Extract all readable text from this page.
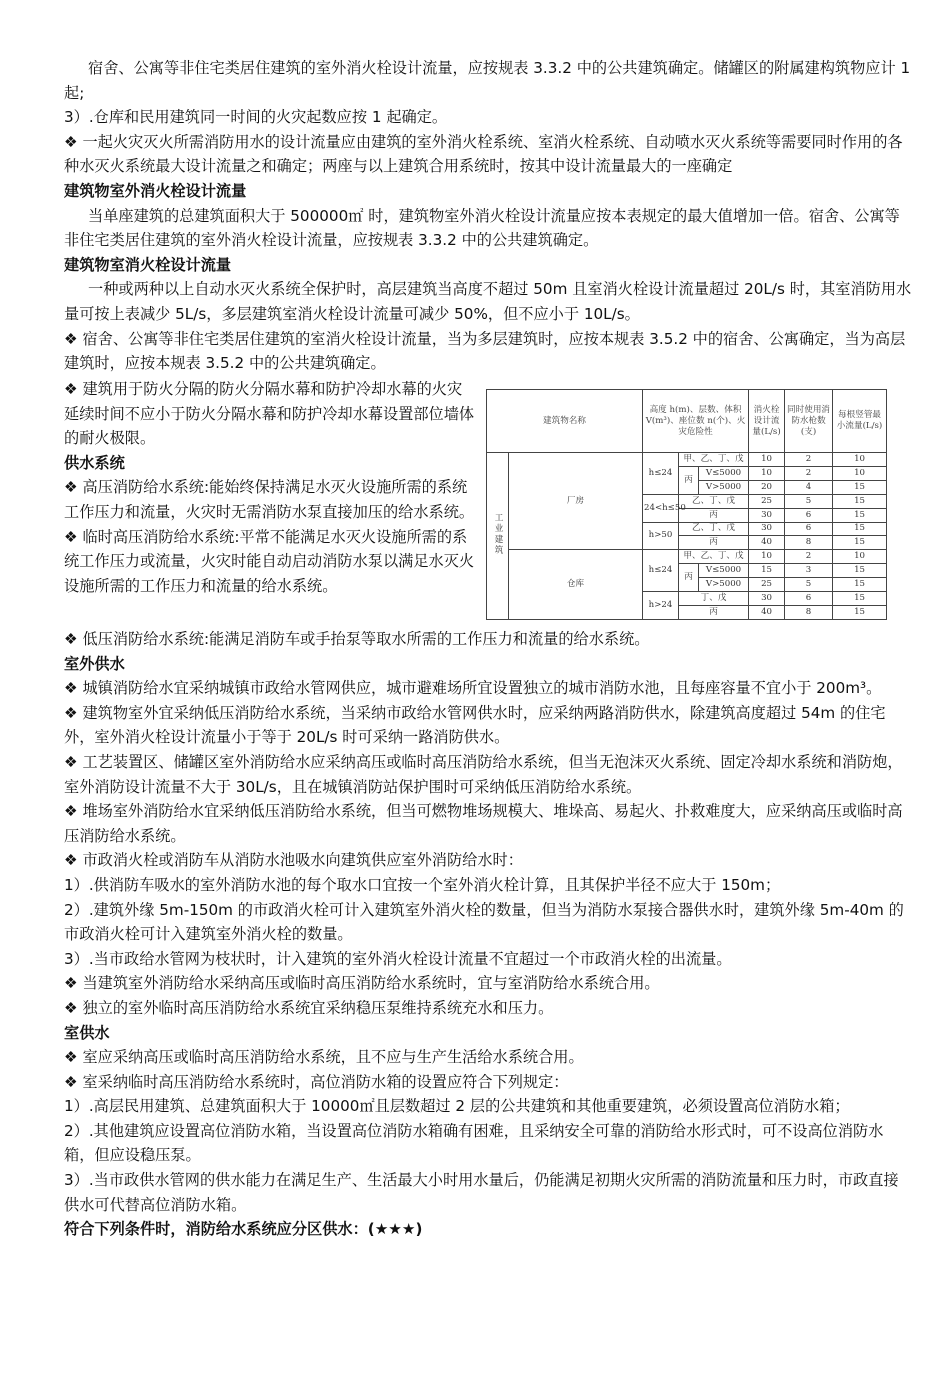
宿舍、公寓等非住宅类居住建筑的室外消火栓设计流量，应按规表 3.3.2 中的公共建筑确定。储罐区的附属建构筑物应计 1 起;

3）.仓库和民用建筑同一时间的火灾起数应按 1 起确定。

❖ 一起火灾灭火所需消防用水的设计流量应由建筑的室外消火栓系统、室消火栓系统、自动喷水灭火系统等需要同时作用的各种水灭火系统最大设计流量之和确定；两座与以上建筑合用系统时，按其中设计流量最大的一座确定

建筑物室外消火栓设计流量

当单座建筑的总建筑面积大于 500000㎡ 时，建筑物室外消火栓设计流量应按本表规定的最大值增加一倍。宿舍、公寓等非住宅类居住建筑的室外消火栓设计流量，应按规表 3.3.2 中的公共建筑确定。

建筑物室消火栓设计流量

一种或两种以上自动水灭火系统全保护时，高层建筑当高度不超过 50m 且室消火栓设计流量超过 20L/s 时，其室消防用水量可按上表减少 5L/s，多层建筑室消火栓设计流量可减少 50%，但不应小于 10L/s。

❖ 宿舍、公寓等非住宅类居住建筑的室消火栓设计流量，当为多层建筑时，应按本规表 3.5.2 中的宿舍、公寓确定，当为高层建筑时，应按本规表 3.5.2 中的公共建筑确定。

❖ 建筑用于防火分隔的防火分隔水幕和防护冷却水幕的火灾延续时间不应小于防火分隔水幕和防护冷却水幕设置部位墙体的耐火极限。

供水系统

❖ 高压消防给水系统:能始终保持满足水灭火设施所需的系统工作压力和流量，火灾时无需消防水泵直接加压的给水系统。

❖ 临时高压消防给水系统:平常不能满足水灭火设施所需的系统工作压力或流量，火灾时能自动启动消防水泵以满足水灭火设施所需的工作压力和流量的给水系统。

建筑物名称		高度 h(m)、层数、体积 V(m³)、座位数 n(个)、火灾危险性			消火栓设计流量(L/s)	同时使用消防水枪数(支)	每根竖管最小流量(L/s)
工业建筑	厂房	h≤24	甲、乙、丁、戊		10	2	10
			丙	V≤5000	10	2	10
				V>5000	20	4	15
		24<h≤50	乙、丁、戊		25	5	15
			丙		30	6	15
		h>50	乙、丁、戊		30	6	15
			丙		40	8	15
	仓库	h≤24	甲、乙、丁、戊		10	2	10
			丙	V≤5000	15	3	15
				V>5000	25	5	15
		h>24	丁、戊		30	6	15
			丙		40	8	15

❖ 低压消防给水系统:能满足消防车或手抬泵等取水所需的工作压力和流量的给水系统。

室外供水

❖ 城镇消防给水宜采纳城镇市政给水管网供应，城市避难场所宜设置独立的城市消防水池，且每座容量不宜小于 200m³。

❖ 建筑物室外宜采纳低压消防给水系统，当采纳市政给水管网供水时，应采纳两路消防供水，除建筑高度超过 54m 的住宅外，室外消火栓设计流量小于等于 20L/s 时可采纳一路消防供水。

❖ 工艺装置区、储罐区室外消防给水应采纳高压或临时高压消防给水系统，但当无泡沫灭火系统、固定冷却水系统和消防炮，室外消防设计流量不大于 30L/s，且在城镇消防站保护围时可采纳低压消防给水系统。

❖ 堆场室外消防给水宜采纳低压消防给水系统，但当可燃物堆场规模大、堆垛高、易起火、扑救难度大，应采纳高压或临时高压消防给水系统。

❖ 市政消火栓或消防车从消防水池吸水向建筑供应室外消防给水时：

1）.供消防车吸水的室外消防水池的每个取水口宜按一个室外消火栓计算，且其保护半径不应大于 150m；

2）.建筑外缘 5m-150m 的市政消火栓可计入建筑室外消火栓的数量，但当为消防水泵接合器供水时，建筑外缘 5m-40m 的市政消火栓可计入建筑室外消火栓的数量。

3）.当市政给水管网为枝状时，计入建筑的室外消火栓设计流量不宜超过一个市政消火栓的出流量。

❖ 当建筑室外消防给水采纳高压或临时高压消防给水系统时，宜与室消防给水系统合用。

❖ 独立的室外临时高压消防给水系统宜采纳稳压泵维持系统充水和压力。

室供水

❖ 室应采纳高压或临时高压消防给水系统，且不应与生产生活给水系统合用。

❖ 室采纳临时高压消防给水系统时，高位消防水箱的设置应符合下列规定：

1）.高层民用建筑、总建筑面积大于 10000㎡且层数超过 2 层的公共建筑和其他重要建筑，必须设置高位消防水箱；

2）.其他建筑应设置高位消防水箱，当设置高位消防水箱确有困难，且采纳安全可靠的消防给水形式时，可不设高位消防水箱，但应设稳压泵。

3）.当市政供水管网的供水能力在满足生产、生活最大小时用水量后，仍能满足初期火灾所需的消防流量和压力时，市政直接供水可代替高位消防水箱。

符合下列条件时，消防给水系统应分区供水：(★★★)
